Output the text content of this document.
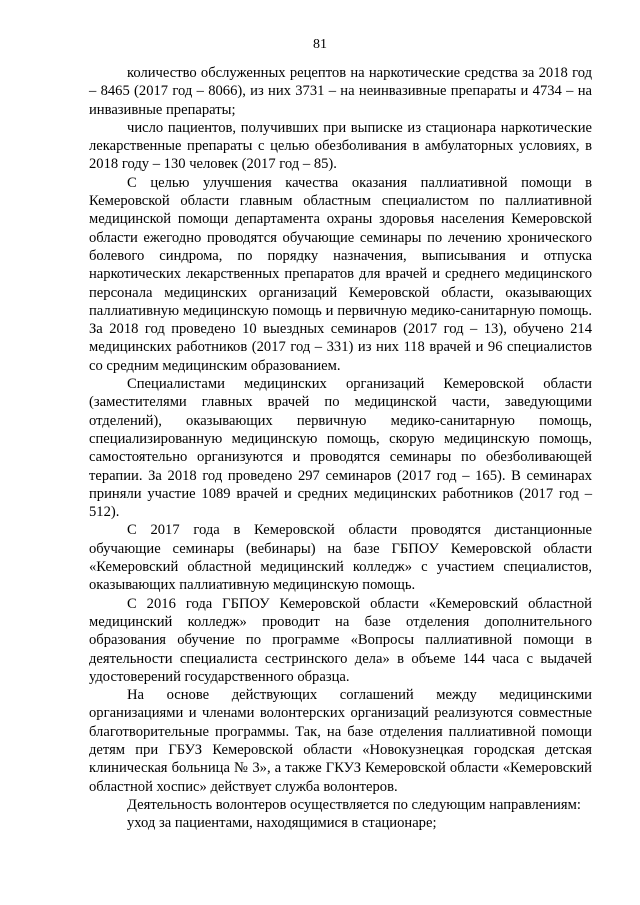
81

количество обслуженных рецептов на наркотические средства за 2018 год – 8465 (2017 год – 8066), из них 3731 – на неинвазивные препараты и 4734 – на инвазивные препараты;

число пациентов, получивших при выписке из стационара наркотические лекарственные препараты с целью обезболивания в амбулаторных условиях, в 2018 году – 130 человек (2017 год – 85).

С целью улучшения качества оказания паллиативной помощи в Кемеровской области главным областным специалистом по паллиативной медицинской помощи департамента охраны здоровья населения Кемеровской области ежегодно проводятся обучающие семинары по лечению хронического болевого синдрома, по порядку назначения, выписывания и отпуска наркотических лекарственных препаратов для врачей и среднего медицинского персонала медицинских организаций Кемеровской области, оказывающих паллиативную медицинскую помощь и первичную медико-санитарную помощь. За 2018 год проведено 10 выездных семинаров (2017 год – 13), обучено 214 медицинских работников (2017 год – 331) из них 118 врачей и 96 специалистов со средним медицинским образованием.

Специалистами медицинских организаций Кемеровской области (заместителями главных врачей по медицинской части, заведующими отделений), оказывающих первичную медико-санитарную помощь, специализированную медицинскую помощь, скорую медицинскую помощь, самостоятельно организуются и проводятся семинары по обезболивающей терапии. За 2018 год проведено 297 семинаров (2017 год – 165). В семинарах приняли участие 1089 врачей и средних медицинских работников (2017 год – 512).

С 2017 года в Кемеровской области проводятся дистанционные обучающие семинары (вебинары) на базе ГБПОУ Кемеровской области «Кемеровский областной медицинский колледж» с участием специалистов, оказывающих паллиативную медицинскую помощь.

С 2016 года ГБПОУ Кемеровской области «Кемеровский областной медицинский колледж» проводит на базе отделения дополнительного образования обучение по программе «Вопросы паллиативной помощи в деятельности специалиста сестринского дела» в объеме 144 часа с выдачей удостоверений государственного образца.

На основе действующих соглашений между медицинскими организациями и членами волонтерских организаций реализуются совместные благотворительные программы. Так, на базе отделения паллиативной помощи детям при ГБУЗ Кемеровской области «Новокузнецкая городская детская клиническая больница № 3», а также ГКУЗ Кемеровской области «Кемеровский областной хоспис» действует служба волонтеров.

Деятельность волонтеров осуществляется по следующим направлениям:

уход за пациентами, находящимися в стационаре;
